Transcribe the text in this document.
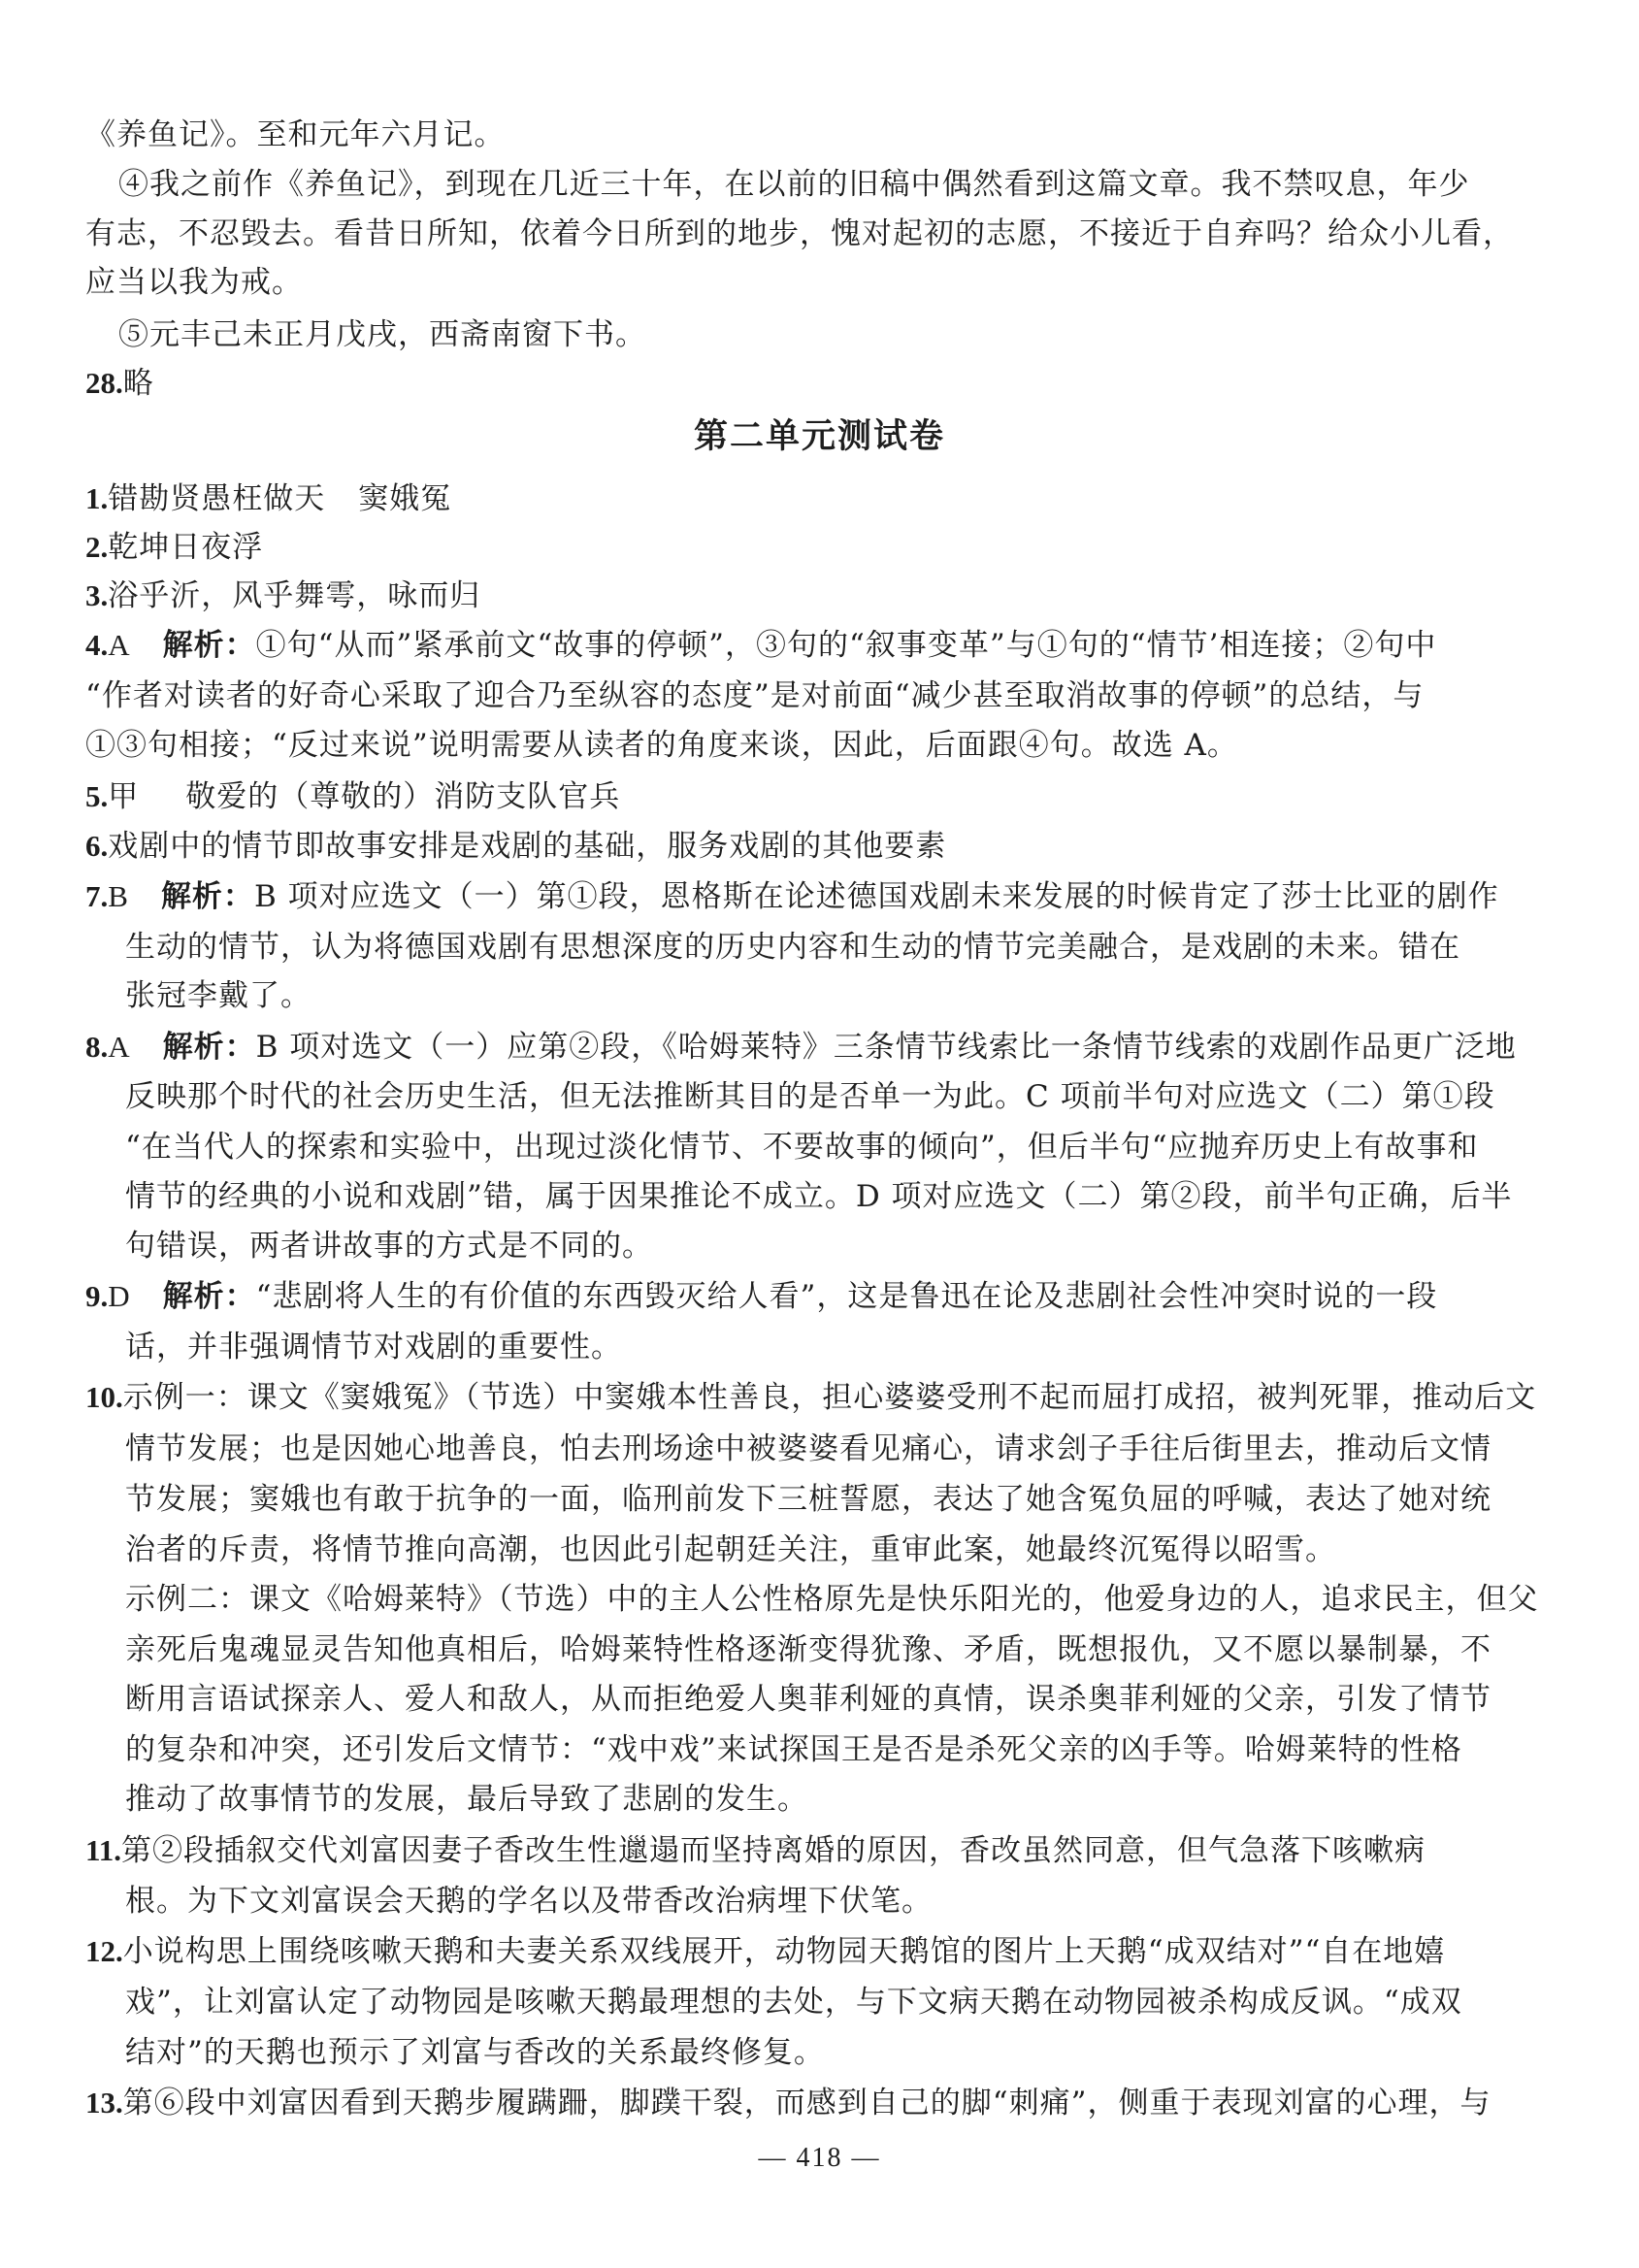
《养鱼记》。至和元年六月记。
④我之前作《养鱼记》，到现在几近三十年，在以前的旧稿中偶然看到这篇文章。我不禁叹息，年少
有志，不忍毁去。看昔日所知，依着今日所到的地步，愧对起初的志愿，不接近于自弃吗？给众小儿看，
应当以我为戒。
⑤元丰己未正月戊戌，西斋南窗下书。
28.略
第二单元测试卷
1.错勘贤愚枉做天 窦娥冤
2.乾坤日夜浮
3.浴乎沂，风乎舞雩，咏而归
4.A 解析：①句“从而”紧承前文“故事的停顿”，③句的“叙事变革”与①句的“情节’相连接；②句中
“作者对读者的好奇心采取了迎合乃至纵容的态度”是对前面“减少甚至取消故事的停顿”的总结，与
①③句相接；“反过来说”说明需要从读者的角度来谈，因此，后面跟④句。故选 A。
5.甲 敬爱的（尊敬的）消防支队官兵
6.戏剧中的情节即故事安排是戏剧的基础，服务戏剧的其他要素
7.B 解析：B 项对应选文（一）第①段，恩格斯在论述德国戏剧未来发展的时候肯定了莎士比亚的剧作
生动的情节，认为将德国戏剧有思想深度的历史内容和生动的情节完美融合，是戏剧的未来。错在
张冠李戴了。
8.A 解析：B 项对选文（一）应第②段，《哈姆莱特》三条情节线索比一条情节线索的戏剧作品更广泛地
反映那个时代的社会历史生活，但无法推断其目的是否单一为此。C 项前半句对应选文（二）第①段
“在当代人的探索和实验中，出现过淡化情节、不要故事的倾向”，但后半句“应抛弃历史上有故事和
情节的经典的小说和戏剧”错，属于因果推论不成立。D 项对应选文（二）第②段，前半句正确，后半
句错误，两者讲故事的方式是不同的。
9.D 解析：“悲剧将人生的有价值的东西毁灭给人看”，这是鲁迅在论及悲剧社会性冲突时说的一段
话，并非强调情节对戏剧的重要性。
10.示例一：课文《窦娥冤》（节选）中窦娥本性善良，担心婆婆受刑不起而屈打成招，被判死罪，推动后文
情节发展；也是因她心地善良，怕去刑场途中被婆婆看见痛心，请求刽子手往后街里去，推动后文情
节发展；窦娥也有敢于抗争的一面，临刑前发下三桩誓愿，表达了她含冤负屈的呼喊，表达了她对统
治者的斥责，将情节推向高潮，也因此引起朝廷关注，重审此案，她最终沉冤得以昭雪。
示例二：课文《哈姆莱特》（节选）中的主人公性格原先是快乐阳光的，他爱身边的人，追求民主，但父
亲死后鬼魂显灵告知他真相后，哈姆莱特性格逐渐变得犹豫、矛盾，既想报仇，又不愿以暴制暴，不
断用言语试探亲人、爱人和敌人，从而拒绝爱人奥菲利娅的真情，误杀奥菲利娅的父亲，引发了情节
的复杂和冲突，还引发后文情节：“戏中戏”来试探国王是否是杀死父亲的凶手等。哈姆莱特的性格
推动了故事情节的发展，最后导致了悲剧的发生。
11.第②段插叙交代刘富因妻子香改生性邋遢而坚持离婚的原因，香改虽然同意，但气急落下咳嗽病
根。为下文刘富误会天鹅的学名以及带香改治病埋下伏笔。
12.小说构思上围绕咳嗽天鹅和夫妻关系双线展开，动物园天鹅馆的图片上天鹅“成双结对”“自在地嬉
戏”，让刘富认定了动物园是咳嗽天鹅最理想的去处，与下文病天鹅在动物园被杀构成反讽。“成双
结对”的天鹅也预示了刘富与香改的关系最终修复。
13.第⑥段中刘富因看到天鹅步履蹒跚，脚蹼干裂，而感到自己的脚“刺痛”，侧重于表现刘富的心理，与
— 418 —
